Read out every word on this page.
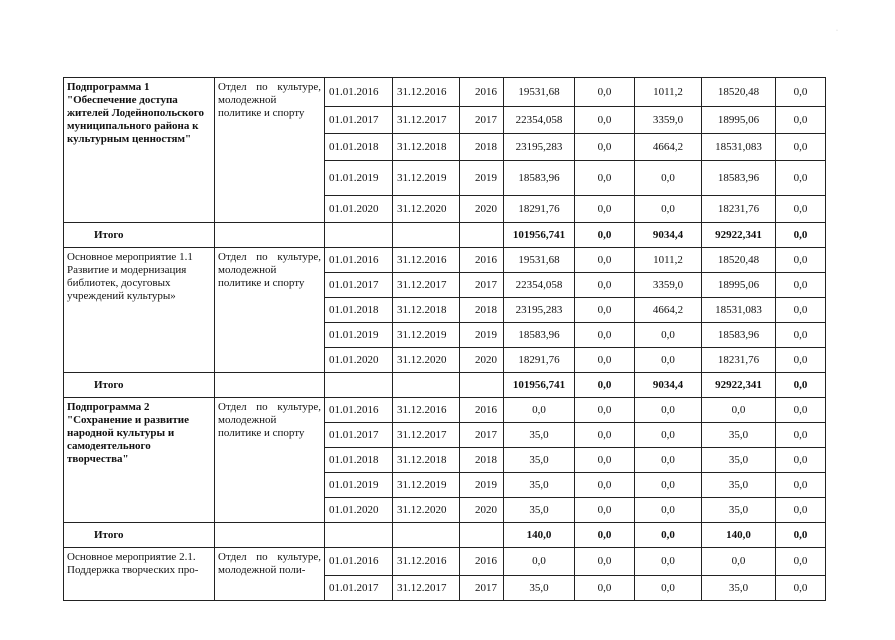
·
Подпрограмма 1 "Обеспечение доступа жителей Лодейнопольского муниципального района к культурным ценностям"	Отдел по культуре, молодежной политике и спорту	01.01.2016	31.12.2016	2016	19531,68	0,0	1011,2	18520,48	0,0
		01.01.2017	31.12.2017	2017	22354,058	0,0	3359,0	18995,06	0,0
		01.01.2018	31.12.2018	2018	23195,283	0,0	4664,2	18531,083	0,0
		01.01.2019	31.12.2019	2019	18583,96	0,0	0,0	18583,96	0,0
		01.01.2020	31.12.2020	2020	18291,76	0,0	0,0	18231,76	0,0
Итого					101956,741	0,0	9034,4	92922,341	0,0
Основное мероприятие 1.1 Развитие и модернизация библиотек, досуговых учреждений культуры»	Отдел по культуре, молодежной политике и спорту	01.01.2016	31.12.2016	2016	19531,68	0,0	1011,2	18520,48	0,0
		01.01.2017	31.12.2017	2017	22354,058	0,0	3359,0	18995,06	0,0
		01.01.2018	31.12.2018	2018	23195,283	0,0	4664,2	18531,083	0,0
		01.01.2019	31.12.2019	2019	18583,96	0,0	0,0	18583,96	0,0
		01.01.2020	31.12.2020	2020	18291,76	0,0	0,0	18231,76	0,0
Итого					101956,741	0,0	9034,4	92922,341	0,0
Подпрограмма 2 "Сохранение и развитие народной культуры и самодеятельного творчества"	Отдел по культуре, молодежной политике и спорту	01.01.2016	31.12.2016	2016	0,0	0,0	0,0	0,0	0,0
		01.01.2017	31.12.2017	2017	35,0	0,0	0,0	35,0	0,0
		01.01.2018	31.12.2018	2018	35,0	0,0	0,0	35,0	0,0
		01.01.2019	31.12.2019	2019	35,0	0,0	0,0	35,0	0,0
		01.01.2020	31.12.2020	2020	35,0	0,0	0,0	35,0	0,0
Итого					140,0	0,0	0,0	140,0	0,0
Основное мероприятие 2.1. Поддержка творческих про-	Отдел по культуре, молодежной поли-	01.01.2016	31.12.2016	2016	0,0	0,0	0,0	0,0	0,0
		01.01.2017	31.12.2017	2017	35,0	0,0	0,0	35,0	0,0
